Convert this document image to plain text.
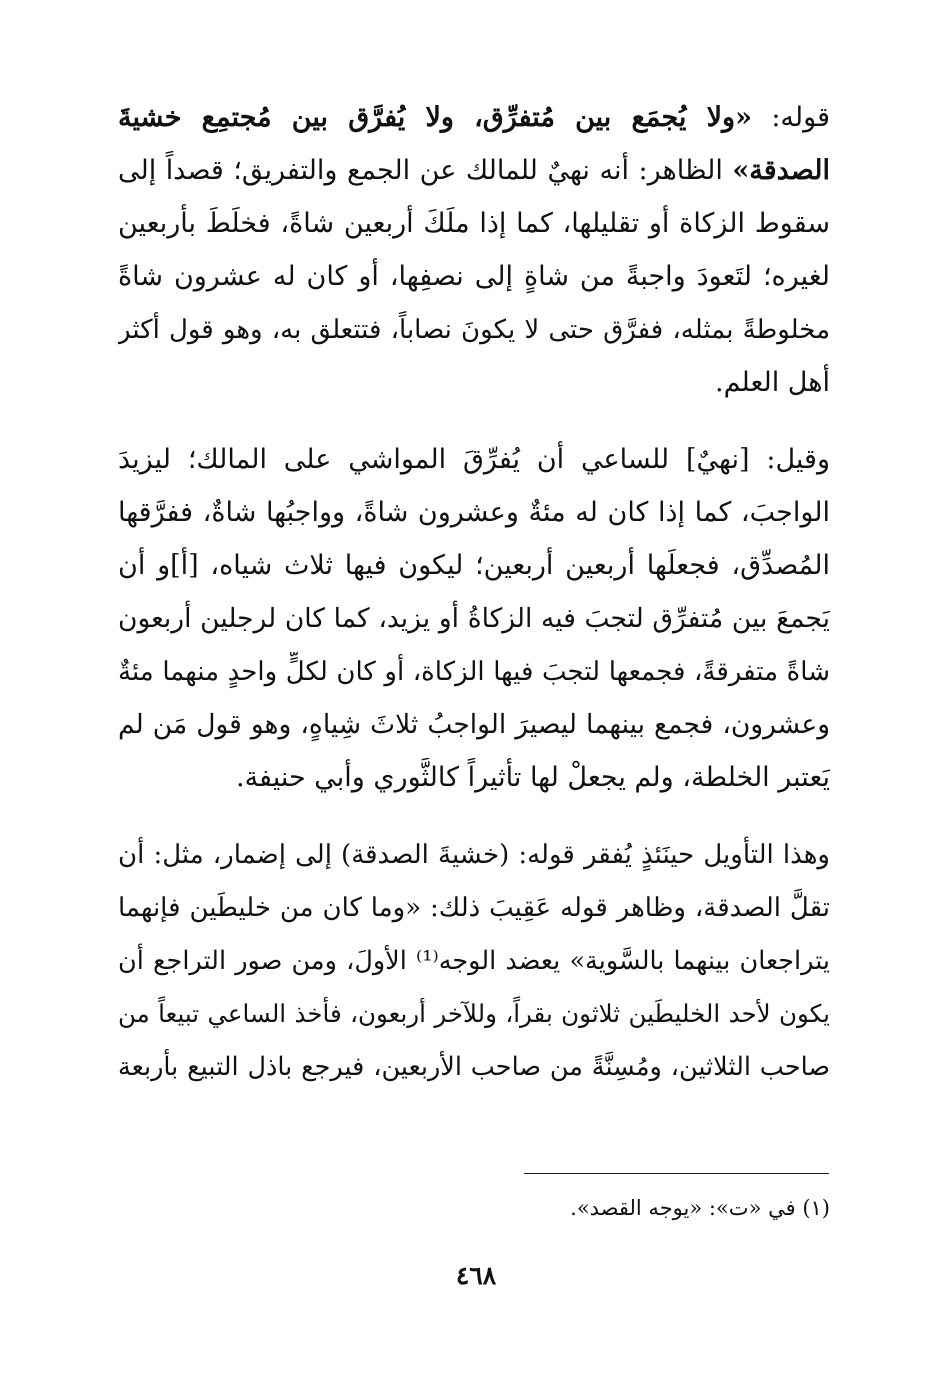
قوله: «ولا يُجمَع بين مُتفرِّق، ولا يُفرَّق بين مُجتمِع خشيةَ
الصدقة» الظاهر: أنه نهيٌ للمالك عن الجمع والتفريق؛ قصداً إلى
سقوط الزكاة أو تقليلها، كما إذا ملَكَ أربعين شاةً، فخلَطَ بأربعين
لغيره؛ لتَعودَ واجبةً من شاةٍ إلى نصفِها، أو كان له عشرون شاةً
مخلوطةً بمثله، ففرَّق حتى لا يكونَ نصاباً، فتتعلق به، وهو قول أكثر
أهل العلم.
وقيل: [نهيٌ] للساعي أن يُفرِّقَ المواشي على المالك؛ ليزيدَ
الواجبَ، كما إذا كان له مئةٌ وعشرون شاةً، وواجبُها شاةٌ، ففرَّقها
المُصدِّق، فجعلَها أربعين أربعين؛ ليكون فيها ثلاث شياه، [أ]و أن
يَجمعَ بين مُتفرِّق لتجبَ فيه الزكاةُ أو يزيد، كما كان لرجلين أربعون
شاةً متفرقةً، فجمعها لتجبَ فيها الزكاة، أو كان لكلٍّ واحدٍ منهما مئةٌ
وعشرون، فجمع بينهما ليصيرَ الواجبُ ثلاثَ شِياهٍ، وهو قول مَن لم
يَعتبر الخلطة، ولم يجعلْ لها تأثيراً كالثَّوري وأبي حنيفة.
وهذا التأويل حينَئذٍ يُفقر قوله: (خشيةَ الصدقة) إلى إضمار، مثل: أن
تقلَّ الصدقة، وظاهر قوله عَقِيبَ ذلك: «وما كان من خليطَين فإنهما
يتراجعان بينهما بالسَّوية» يعضد الوجه⁽¹⁾ الأولَ، ومن صور التراجع أن
يكون لأحد الخليطَين ثلاثون بقراً، وللآخر أربعون، فأخذ الساعي تبيعاً من
صاحب الثلاثين، ومُسِنَّةً من صاحب الأربعين، فيرجع باذل التبيع بأربعة
(١) في «ت»: «يوجه القصد».
٤٦٨
